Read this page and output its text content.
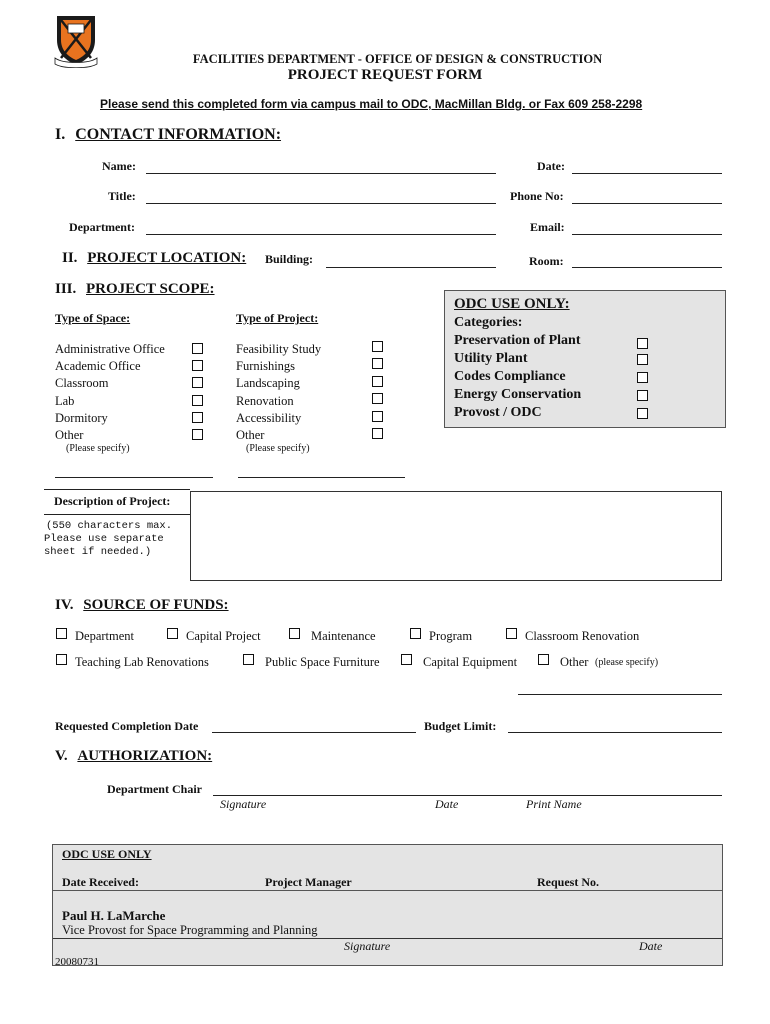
FACILITIES DEPARTMENT - OFFICE OF DESIGN & CONSTRUCTION
PROJECT REQUEST FORM
Please send this completed form via campus mail to ODC, MacMillan Bldg. or Fax 609 258-2298
I. CONTACT INFORMATION:
Name:	Date:
Title:	Phone No:
Department:	Email:
II. PROJECT LOCATION: Building:	Room:
III. PROJECT SCOPE:
Type of Space:	Type of Project:
Administrative Office
Academic Office
Classroom
Lab
Dormitory
Other
(Please specify)
Feasibility Study
Furnishings
Landscaping
Renovation
Accessibility
Other
(Please specify)
ODC USE ONLY:
Categories:
Preservation of Plant
Utility Plant
Codes Compliance
Energy Conservation
Provost / ODC
Description of Project:
(550 characters max.
Please use separate
sheet if needed.)
IV. SOURCE OF FUNDS:
Department	Capital Project	Maintenance	Program	Classroom Renovation
Teaching Lab Renovations	Public Space Furniture	Capital Equipment	Other (please specify)
Requested Completion Date	Budget Limit:
V. AUTHORIZATION:
Department Chair
Signature	Date	Print Name
ODC USE ONLY
Date Received:	Project Manager	Request No.
Paul H. LaMarche
Vice Provost for Space Programming and Planning
Signature	Date
20080731
